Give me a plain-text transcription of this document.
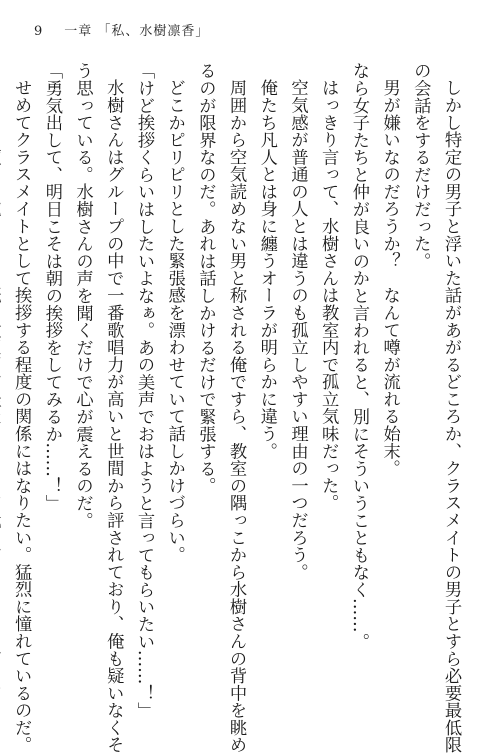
9 一章 「私、水樹凛香」
しかし特定の男子と浮いた話があがるどころか、クラスメイトの男子とすら必要最低限
の会話をするだけだった。
男が嫌いなのだろうか？　なんて噂が流れる始末。
なら女子たちと仲が良いのかと言われると、別にそういうこともなく……。
はっきり言って、水樹さんは教室内で孤立気味だった。
空気感が普通の人とは違うのも孤立しやすい理由の一つだろう。
俺たち凡人とは身に纏うオーラが明らかに違う。
周囲から空気読めない男と称される俺ですら、教室の隅っこから水樹さんの背中を眺め
るのが限界なのだ。あれは話しかけるだけで緊張する。
どこかピリピリとした緊張感を漂わせていて話しかけづらい。
「けど挨拶くらいはしたいよなぁ。あの美声でおはようと言ってもらいたい……！」
水樹さんはグループの中で一番歌唱力が高いと世間から評されており、俺も疑いなくそ
う思っている。水樹さんの声を聞くだけで心が震えるのだ。
「勇気出して、明日こそは朝の挨拶をしてみるか……！」
せめてクラスメイトとして挨拶する程度の関係にはなりたい。猛烈に憧れているのだ。
